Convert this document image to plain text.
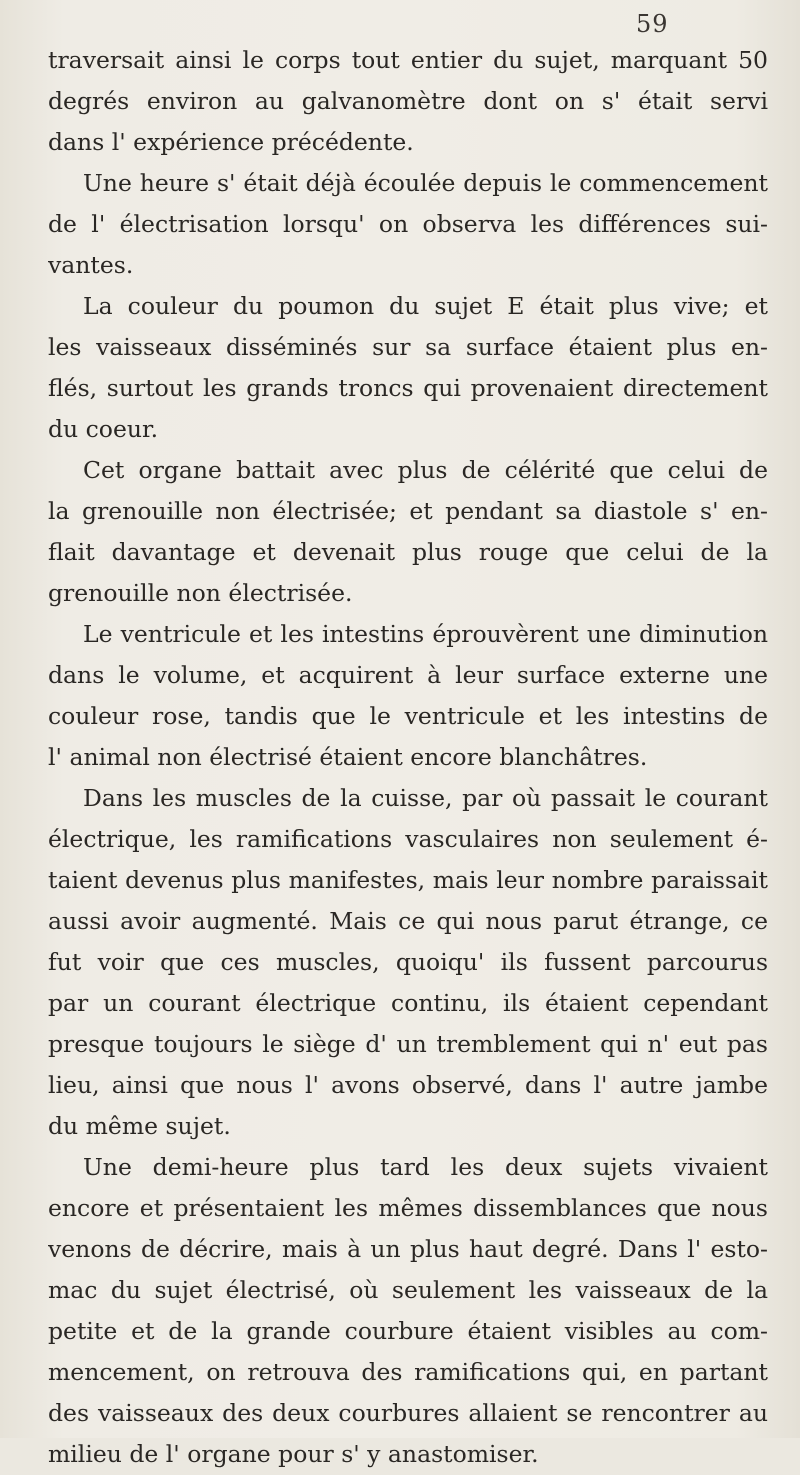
59
traversait ainsi le corps tout entier du sujet, marquant 50
degrés environ au galvanomètre dont on s' était servi
dans l' expérience précédente.
Une heure s' était déjà écoulée depuis le commencement
de l' électrisation lorsqu' on observa les différences sui-
vantes.
La couleur du poumon du sujet E était plus vive; et
les vaisseaux disséminés sur sa surface étaient plus en-
flés, surtout les grands troncs qui provenaient directement
du coeur.
Cet organe battait avec plus de célérité que celui de
la grenouille non électrisée; et pendant sa diastole s' en-
flait davantage et devenait plus rouge que celui de la
grenouille non électrisée.
Le ventricule et les intestins éprouvèrent une diminution
dans le volume, et acquirent à leur surface externe une
couleur rose, tandis que le ventricule et les intestins de
l' animal non électrisé étaient encore blanchâtres.
Dans les muscles de la cuisse, par où passait le courant
électrique, les ramifications vasculaires non seulement é-
taient devenus plus manifestes, mais leur nombre paraissait
aussi avoir augmenté. Mais ce qui nous parut étrange, ce
fut voir que ces muscles, quoiqu' ils fussent parcourus
par un courant électrique continu, ils étaient cependant
presque toujours le siège d' un tremblement qui n' eut pas
lieu, ainsi que nous l' avons observé, dans l' autre jambe
du même sujet.
Une demi-heure plus tard les deux sujets vivaient
encore et présentaient les mêmes dissemblances que nous
venons de décrire, mais à un plus haut degré. Dans l' esto-
mac du sujet électrisé, où seulement les vaisseaux de la
petite et de la grande courbure étaient visibles au com-
mencement, on retrouva des ramifications qui, en partant
des vaisseaux des deux courbures allaient se rencontrer au
milieu de l' organe pour s' y anastomiser.
